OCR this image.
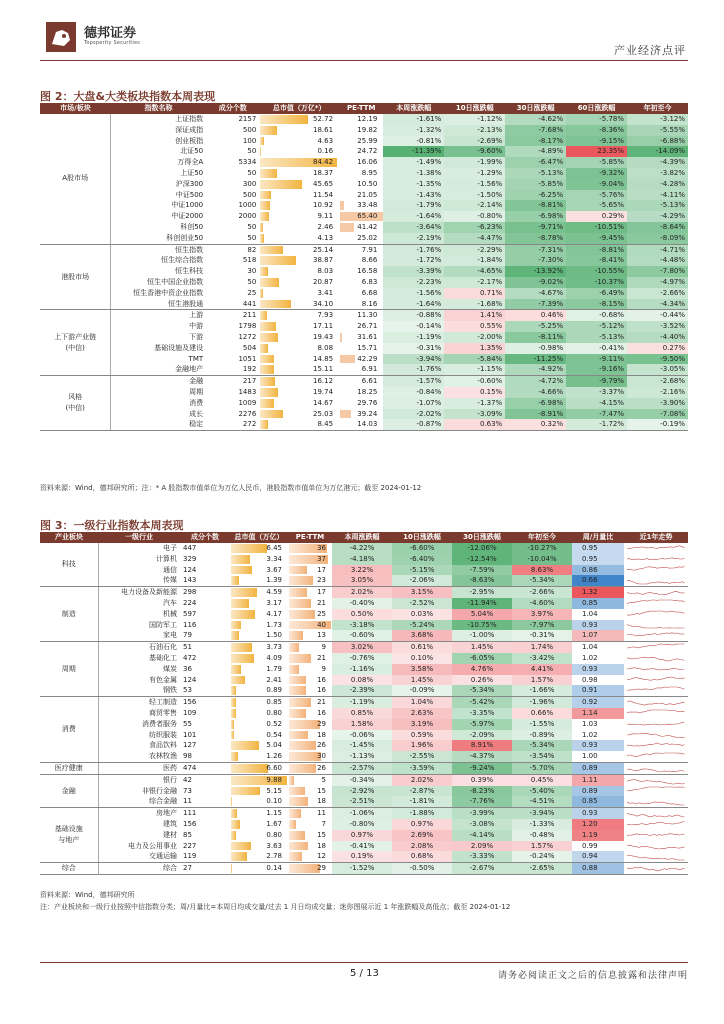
德邦证券
Topsperity Securities
产业经济点评
图 2：大盘&大类板块指数本周表现
市场/板块	指数名称	成分个数	总市值（万亿*）	PE-TTM	本周涨跌幅	10日涨跌幅	30日涨跌幅	60日涨跌幅	年初至今
A股市场	上证指数	2157	52.72	12.19	-1.61%	-1.12%	-4.62%	-5.78%	-3.12%
	深证成指	500	18.61	19.82	-1.32%	-2.13%	-7.68%	-8.36%	-5.55%
	创业板指	100	4.63	25.99	-0.81%	-2.69%	-8.17%	-9.15%	-6.88%
	北证50	50	0.16	24.72	-11.39%	-9.60%	-4.89%	23.35%	-14.09%
	万得全A	5334	84.42	16.06	-1.49%	-1.99%	-6.47%	-5.85%	-4.39%
	上证50	50	18.37	8.95	-1.38%	-1.29%	-5.13%	-9.32%	-3.82%
	沪深300	300	45.65	10.50	-1.35%	-1.56%	-5.85%	-9.04%	-4.28%
	中证500	500	11.54	21.05	-1.43%	-1.50%	-6.25%	-5.76%	-4.11%
	中证1000	1000	10.92	33.48	-1.79%	-2.14%	-8.81%	-5.65%	-5.13%
	中证2000	2000	9.11	65.40	-1.64%	-0.80%	-6.98%	0.29%	-4.29%
	科创50	50	2.46	41.42	-3.64%	-6.23%	-9.71%	-10.51%	-8.64%
	科创创业50	50	4.13	25.02	-2.19%	-4.47%	-8.78%	-9.45%	-8.09%
港股市场	恒生指数	82	25.14	7.91	-1.76%	-2.29%	-7.31%	-8.81%	-4.71%
	恒生综合指数	518	38.87	8.66	-1.72%	-1.84%	-7.30%	-8.41%	-4.48%
	恒生科技	30	8.03	16.58	-3.39%	-4.65%	-13.92%	-10.55%	-7.80%
	恒生中国企业指数	50	20.87	6.83	-2.23%	-2.17%	-9.02%	-10.37%	-4.97%
	恒生香港中资企业指数	25	3.41	6.68	-1.56%	0.71%	-4.67%	-6.49%	-2.66%
	恒生港股通	441	34.10	8.16	-1.64%	-1.68%	-7.39%	-8.15%	-4.34%
上下游产业链
(中信)	上游	211	7.93	11.30	-0.88%	1.41%	0.46%	-0.68%	-0.44%
	中游	1798	17.11	26.71	-0.14%	0.55%	-5.25%	-5.12%	-3.52%
	下游	1272	19.43	31.61	-1.19%	-2.00%	-8.11%	-5.13%	-4.40%
	基础设施及建设	504	8.08	15.71	-0.31%	1.35%	-0.98%	-0.41%	0.27%
	TMT	1051	14.85	42.29	-3.94%	-5.84%	-11.25%	-9.11%	-9.50%
	金融地产	192	15.11	6.91	-1.76%	-1.15%	-4.92%	-9.16%	-3.05%
风格
(中信)	金融	217	16.12	6.61	-1.57%	-0.60%	-4.72%	-9.79%	-2.68%
	周期	1483	19.74	18.25	-0.84%	0.15%	-4.66%	-3.37%	-2.16%
	消费	1009	14.67	29.76	-1.07%	-1.37%	-6.98%	-4.15%	-3.90%
	成长	2276	25.03	39.24	-2.02%	-3.09%	-8.91%	-7.47%	-7.08%
	稳定	272	8.45	14.03	-0.87%	0.63%	0.32%	-1.72%	-0.19%
资料来源：Wind，德邦研究所；注：* A 股指数市值单位为万亿人民币，港股指数市值单位为万亿港元；截至 2024-01-12
图 3：一级行业指数本周表现
产业板块	一级行业	成分个数	总市值（万亿）	PE-TTM	本周涨跌幅	10日涨跌幅	30日涨跌幅	年初至今	周/月量比	近1年走势
科技	电子	447	6.45	36	-4.22%	-6.60%	-12.06%	-10.27%	0.95	

	计算机	329	3.34	37	-4.18%	-6.40%	-12.54%	-10.04%	0.95	

	通信	124	3.67	17	3.22%	-5.15%	-7.59%	8.63%	0.86	

	传媒	143	1.39	23	3.05%	-2.06%	-8.63%	-5.34%	0.66	

制造	电力设备及新能源	298	4.59	17	2.02%	3.15%	-2.95%	-2.66%	1.32	

	汽车	224	3.17	21	-0.40%	-2.52%	-11.94%	-4.60%	0.85	

	机械	597	4.17	25	0.50%	0.03%	5.04%	3.97%	1.04	

	国防军工	116	1.73	40	-3.18%	-5.24%	-10.75%	-7.97%	0.93	

	家电	79	1.50	13	-0.60%	3.68%	-1.00%	-0.31%	1.07	

周期	石油石化	51	3.73	9	3.02%	0.61%	1.45%	1.74%	1.04	

	基础化工	472	4.09	21	-0.76%	0.10%	-6.05%	-3.42%	1.02	

	煤炭	36	1.79	9	-1.16%	3.58%	4.76%	4.41%	0.93	

	有色金属	124	2.41	16	0.08%	1.45%	0.26%	1.57%	0.98	

	钢铁	53	0.89	16	-2.39%	-0.09%	-5.34%	-1.66%	0.91	

消费	轻工制造	156	0.85	21	-1.19%	1.04%	-5.42%	-1.96%	0.92	

	商贸零售	109	0.80	16	0.85%	2.63%	-3.35%	0.66%	1.14	

	消费者服务	55	0.52	29	1.58%	3.19%	-5.97%	-1.55%	1.03	

	纺织服装	101	0.54	18	-0.06%	0.59%	-2.09%	-0.89%	1.02	

	食品饮料	127	5.04	26	-1.45%	1.96%	8.91%	-5.34%	0.93	

	农林牧渔	98	1.26	30	-1.13%	-2.55%	-4.37%	-3.54%	1.00	

医疗健康	医药	474	6.60	26	-2.57%	-3.59%	-9.24%	-5.70%	0.89	

金融	银行	42	9.88	5	-0.34%	2.02%	0.39%	0.45%	1.11	

	非银行金融	73	5.15	15	-2.92%	-2.87%	-8.23%	-5.40%	0.89	

	综合金融	11	0.10	18	-2.51%	-1.81%	-7.76%	-4.51%	0.85	

基础设施
与地产	房地产	111	1.15	11	-1.06%	-1.88%	-3.99%	-3.94%	0.93	

	建筑	156	1.67	7	-0.80%	0.97%	-3.08%	-1.33%	1.20	

	建材	85	0.80	15	0.97%	2.69%	-4.14%	-0.48%	1.19	

	电力及公用事业	227	3.63	18	-0.41%	2.08%	2.09%	1.57%	0.99	

	交通运输	119	2.78	12	0.19%	0.68%	-3.33%	-0.24%	0.94	

综合	综合	27	0.14	29	-1.52%	-0.50%	-2.67%	-2.65%	0.88	
资料来源：Wind，德邦研究所
注：产业板块和一级行业按照中信指数分类；周/月量比=本周日均成交量/过去 1 月日均成交量；迷你图展示近 1 年涨跌幅及高低点；截至 2024-01-12
5 / 13	请务必阅读正文之后的信息披露和法律声明
